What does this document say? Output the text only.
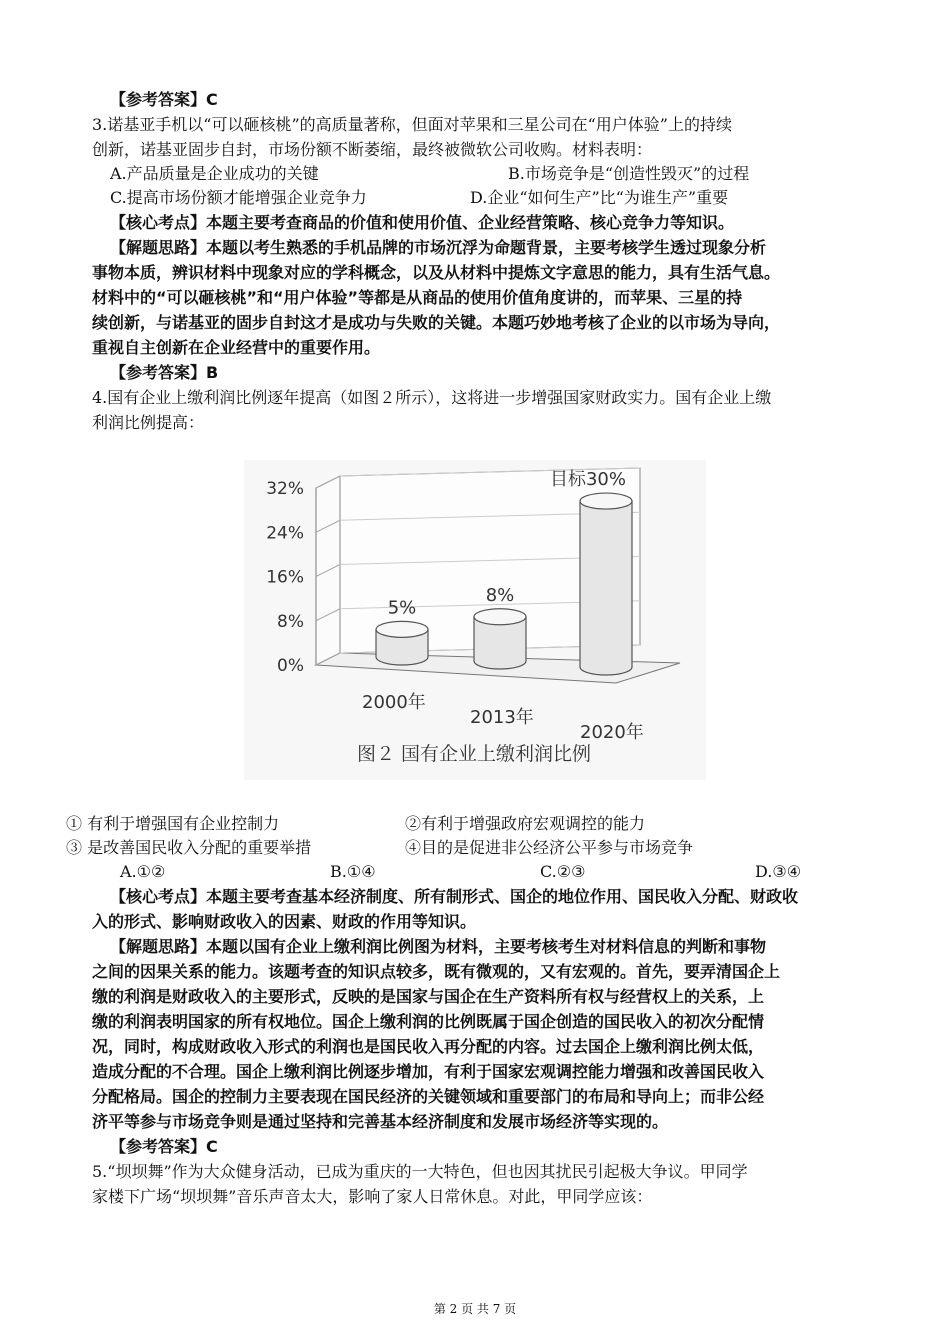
【参考答案】C
3.诺基亚手机以“可以砸核桃”的高质量著称，但面对苹果和三星公司在“用户体验”上的持续
创新，诺基亚固步自封，市场份额不断萎缩，最终被微软公司收购。材料表明：
A.产品质量是企业成功的关键	B.市场竞争是“创造性毁灭”的过程
C.提高市场份额才能增强企业竞争力	D.企业“如何生产”比“为谁生产”重要
【核心考点】本题主要考查商品的价值和使用价值、企业经营策略、核心竞争力等知识。
【解题思路】本题以考生熟悉的手机品牌的市场沉浮为命题背景，主要考核学生透过现象分析
事物本质，辨识材料中现象对应的学科概念，以及从材料中提炼文字意思的能力，具有生活气息。
材料中的“可以砸核桃”和“用户体验”等都是从商品的使用价值角度讲的，而苹果、三星的持
续创新，与诺基亚的固步自封这才是成功与失败的关键。本题巧妙地考核了企业的以市场为导向，
重视自主创新在企业经营中的重要作用。
【参考答案】B
4.国有企业上缴利润比例逐年提高（如图２所示），这将进一步增强国家财政实力。国有企业上缴
利润比例提高：
32%
24%
16%
8%
0%
5%
8%
目标30%
2000年
2013年
2020年
图２ 国有企业上缴利润比例
① 有利于增强国有企业控制力	②有利于增强政府宏观调控的能力
③ 是改善国民收入分配的重要举措	④目的是促进非公经济公平参与市场竞争
A.①②	B.①④	C.②③	D.③④
【核心考点】本题主要考查基本经济制度、所有制形式、国企的地位作用、国民收入分配、财政收
入的形式、影响财政收入的因素、财政的作用等知识。
【解题思路】本题以国有企业上缴利润比例图为材料，主要考核考生对材料信息的判断和事物
之间的因果关系的能力。该题考查的知识点较多，既有微观的，又有宏观的。首先，要弄清国企上
缴的利润是财政收入的主要形式，反映的是国家与国企在生产资料所有权与经营权上的关系，上
缴的利润表明国家的所有权地位。国企上缴利润的比例既属于国企创造的国民收入的初次分配情
况，同时，构成财政收入形式的利润也是国民收入再分配的内容。过去国企上缴利润比例太低，
造成分配的不合理。国企上缴利润比例逐步增加，有利于国家宏观调控能力增强和改善国民收入
分配格局。国企的控制力主要表现在国民经济的关键领域和重要部门的布局和导向上；而非公经
济平等参与市场竞争则是通过坚持和完善基本经济制度和发展市场经济等实现的。
【参考答案】C
5.“坝坝舞”作为大众健身活动，已成为重庆的一大特色，但也因其扰民引起极大争议。甲同学
家楼下广场“坝坝舞”音乐声音太大，影响了家人日常休息。对此，甲同学应该：
第 2 页 共 7 页
